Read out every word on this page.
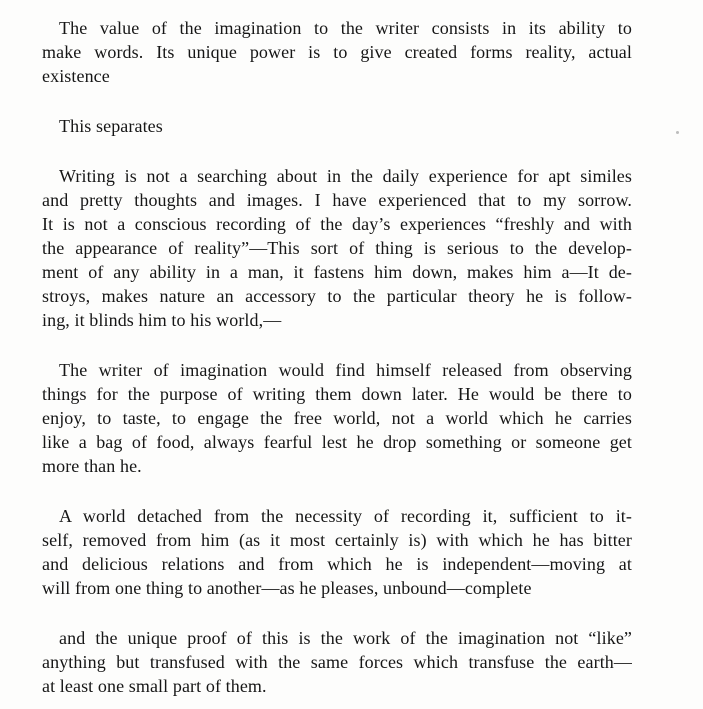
The value of the imagination to the writer consists in its ability to
make words. Its unique power is to give created forms reality, actual
existence
This separates
Writing is not a searching about in the daily experience for apt similes
and pretty thoughts and images. I have experienced that to my sorrow.
It is not a conscious recording of the day’s experiences “freshly and with
the appearance of reality”—This sort of thing is serious to the develop-
ment of any ability in a man, it fastens him down, makes him a—It de-
stroys, makes nature an accessory to the particular theory he is follow-
ing, it blinds him to his world,—
The writer of imagination would find himself released from observing
things for the purpose of writing them down later. He would be there to
enjoy, to taste, to engage the free world, not a world which he carries
like a bag of food, always fearful lest he drop something or someone get
more than he.
A world detached from the necessity of recording it, sufficient to it-
self, removed from him (as it most certainly is) with which he has bitter
and delicious relations and from which he is independent—moving at
will from one thing to another—as he pleases, unbound—complete
and the unique proof of this is the work of the imagination not “like”
anything but transfused with the same forces which transfuse the earth—
at least one small part of them.
